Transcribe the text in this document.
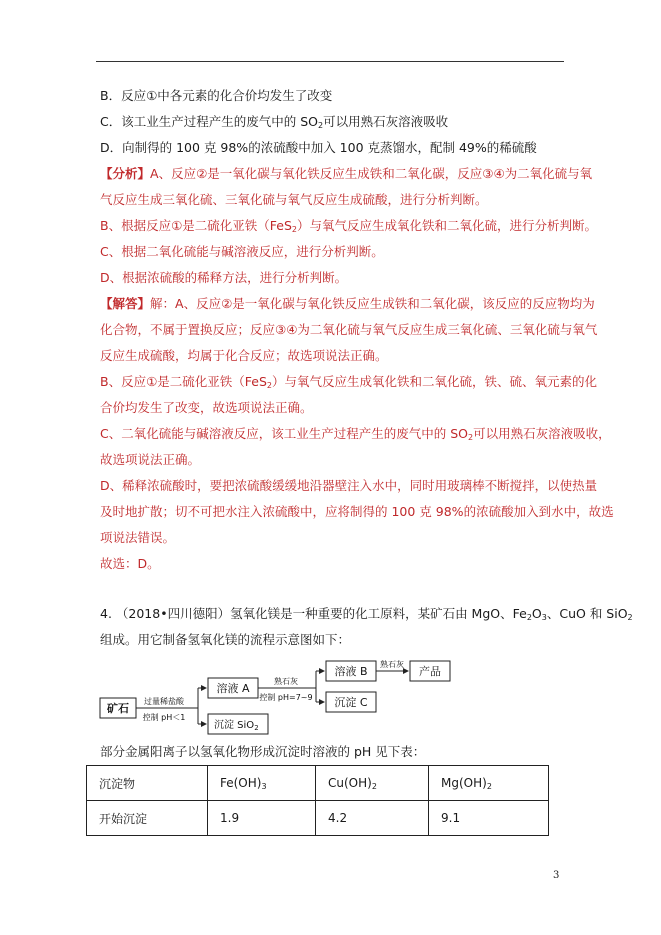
B．反应①中各元素的化合价均发生了改变
C．该工业生产过程产生的废气中的 $SO_2$可以用熟石灰溶液吸收
D．向制得的 100 克 98%的浓硫酸中加入 100 克蒸馏水，配制 49%的稀硫酸
【分析】A、反应②是一氧化碳与氧化铁反应生成铁和二氧化碳，反应③④为二氧化硫与氧
气反应生成三氧化硫、三氧化硫与氧气反应生成硫酸，进行分析判断。
B、根据反应①是二硫化亚铁（FeS$_2$）与氧气反应生成氧化铁和二氧化硫，进行分析判断。
C、根据二氧化硫能与碱溶液反应，进行分析判断。
D、根据浓硫酸的稀释方法，进行分析判断。
【解答】解：A、反应②是一氧化碳与氧化铁反应生成铁和二氧化碳，该反应的反应物均为
化合物，不属于置换反应；反应③④为二氧化硫与氧气反应生成三氧化硫、三氧化硫与氧气
反应生成硫酸，均属于化合反应；故选项说法正确。
B、反应①是二硫化亚铁（FeS$_2$）与氧气反应生成氧化铁和二氧化硫，铁、硫、氧元素的化
合价均发生了改变，故选项说法正确。
C、二氧化硫能与碱溶液反应，该工业生产过程产生的废气中的 $SO_2$可以用熟石灰溶液吸收，
故选项说法正确。
D、稀释浓硫酸时，要把浓硫酸缓缓地沿器壁注入水中，同时用玻璃棒不断搅拌，以使热量
及时地扩散；切不可把水注入浓硫酸中，应将制得的 100 克 98%的浓硫酸加入到水中，故选
项说法错误。
故选：D。
4. （2018•四川德阳）氢氧化镁是一种重要的化工原料，某矿石由 MgO、$Fe_2O_3$、CuO 和 SiO$_2$
组成。用它制备氢氧化镁的流程示意图如下：
矿石
过量稀盐酸
控制 pH＜1
溶液 A
熟石灰
控制 pH=7~9
溶液 B
熟石灰
产品
沉淀 C
沉淀 SiO$_2$
部分金属阳离子以氢氧化物形成沉淀时溶液的 pH 见下表：
沉淀物	$Fe(OH)_3$	$Cu(OH)_2$	$Mg(OH)_2$
开始沉淀	1.9	4.2	9.1
3
